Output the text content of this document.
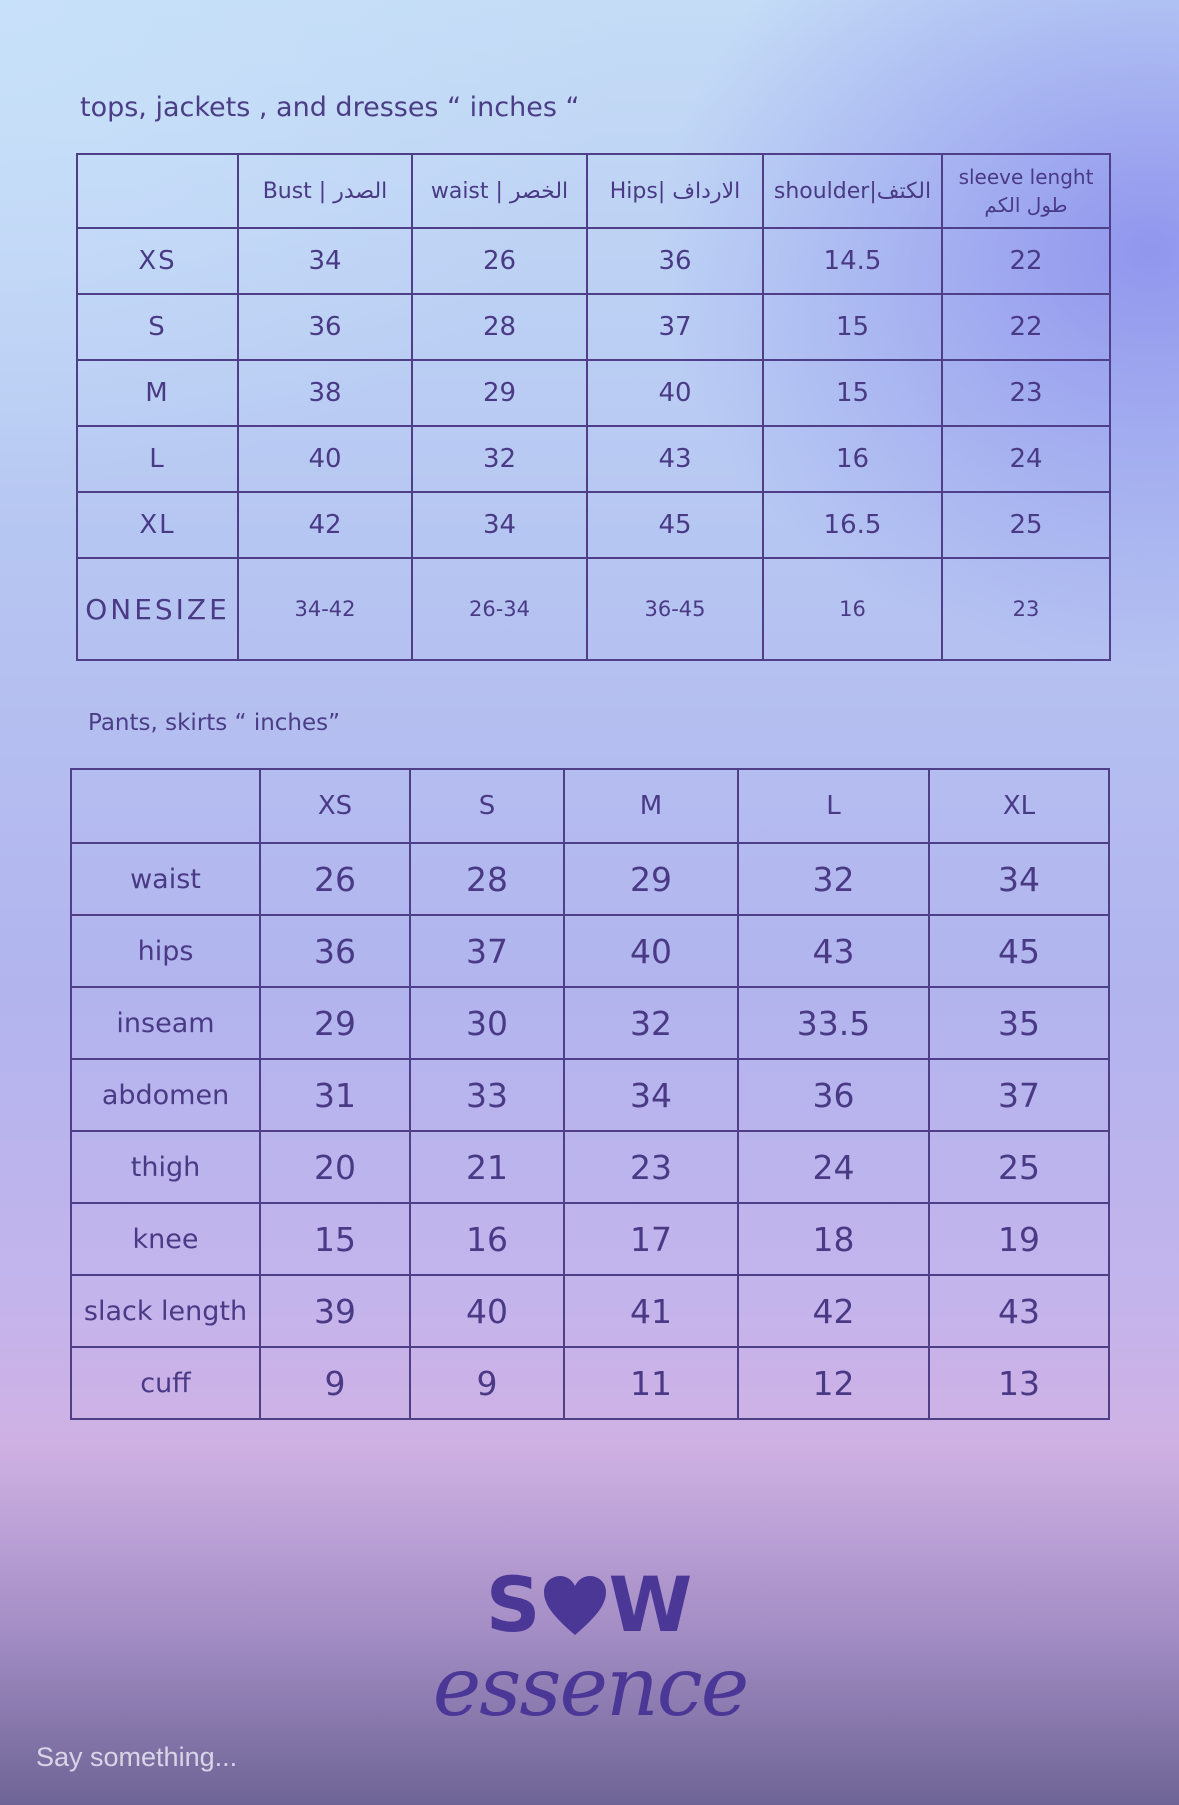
tops, jackets , and dresses “ inches “
	Bust | الصدر	waist | الخصر	Hips| الارداف	shoulder|الكتف	sleeve lenght
طول الكم

XS	34	26	36	14.5	22
S	36	28	37	15	22
M	38	29	40	15	23
L	40	32	43	16	24
XL	42	34	45	16.5	25
ONESIZE	34-42	26-34	36-45	16	23
Pants, skirts “ inches”
	XS	S	M	L	XL
waist	26	28	29	32	34
hips	36	37	40	43	45
inseam	29	30	32	33.5	35
abdomen	31	33	34	36	37
thigh	20	21	23	24	25
knee	15	16	17	18	19
slack length	39	40	41	42	43
cuff	9	9	11	12	13
S W
essence
Say something...
